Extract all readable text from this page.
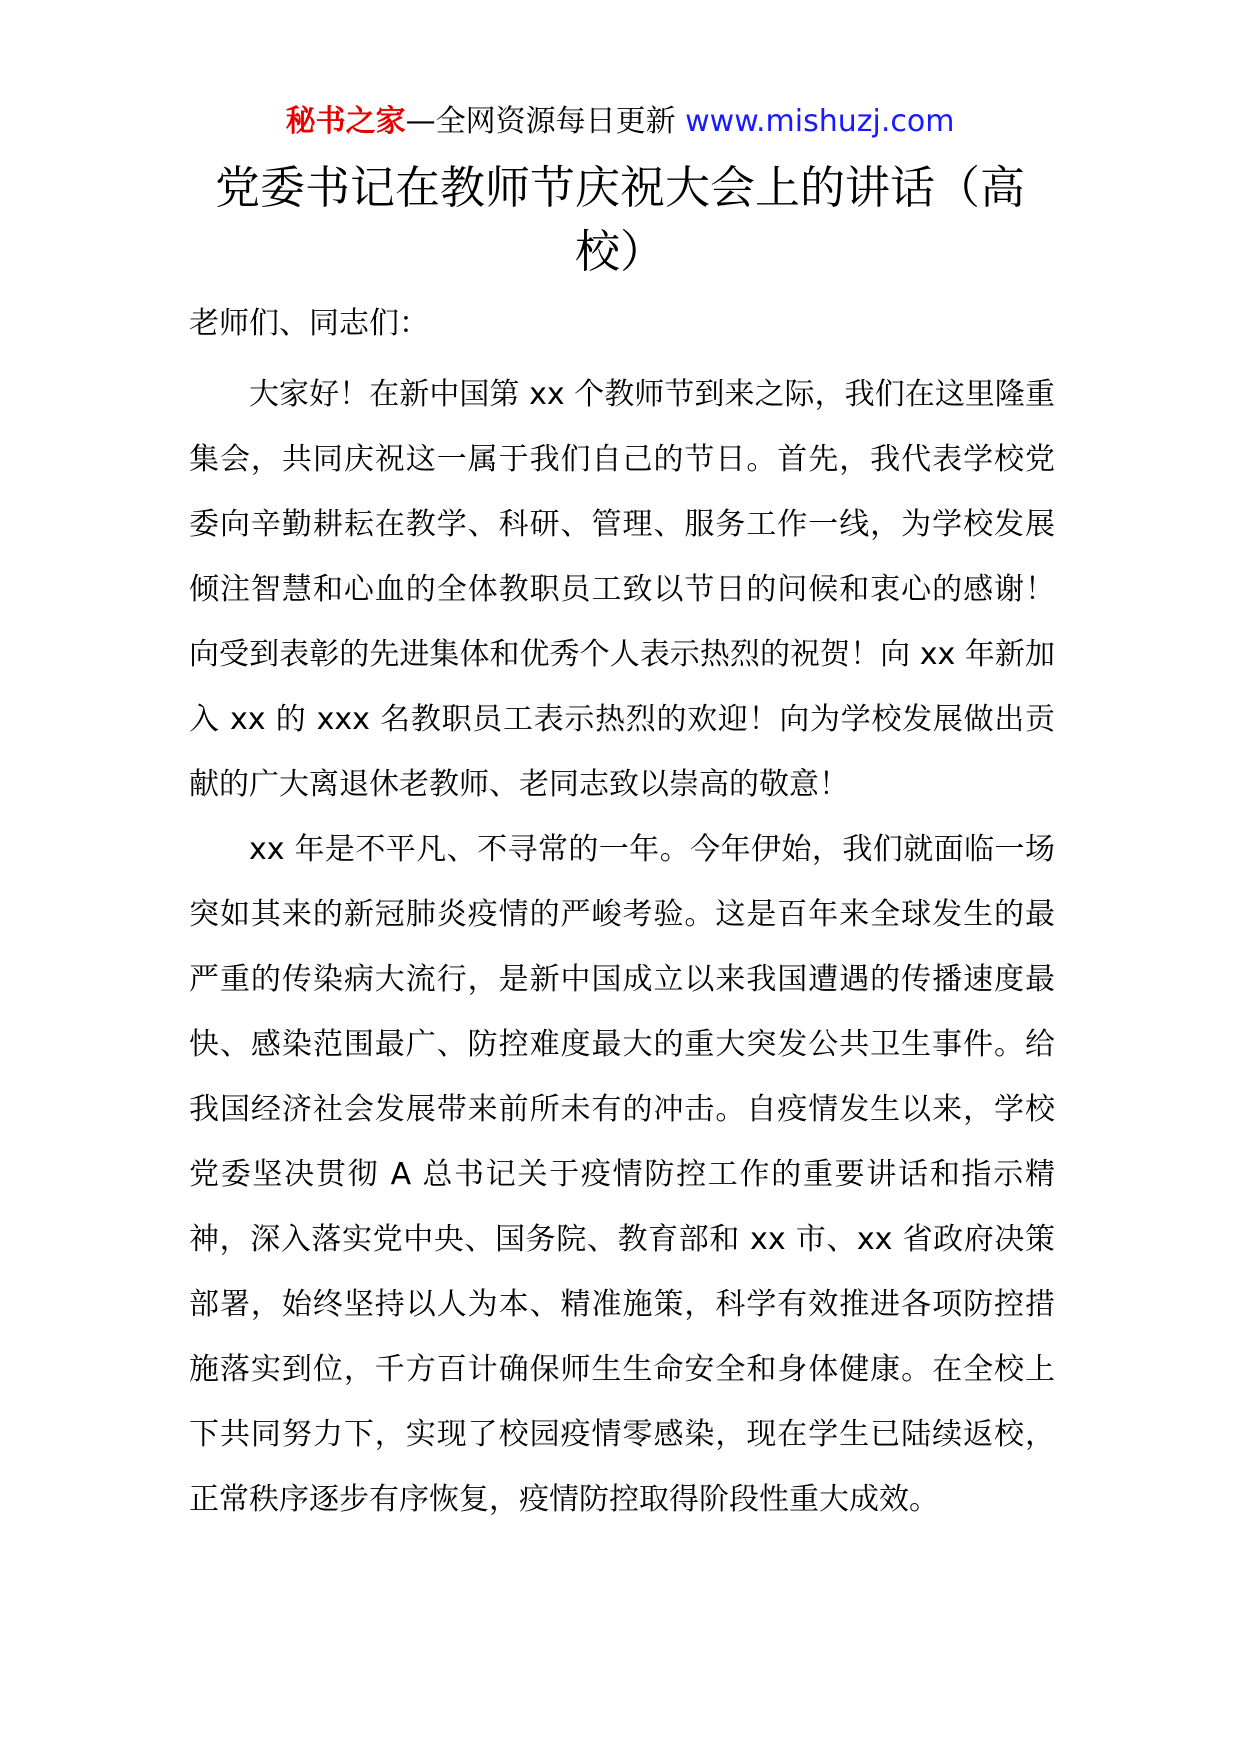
秘书之家—全网资源每日更新 www.mishuzj.com
党委书记在教师节庆祝大会上的讲话（高校）

老师们、同志们：

大家好！在新中国第 xx 个教师节到来之际，我们在这里隆重集会，共同庆祝这一属于我们自己的节日。首先，我代表学校党委向辛勤耕耘在教学、科研、管理、服务工作一线，为学校发展倾注智慧和心血的全体教职员工致以节日的问候和衷心的感谢！向受到表彰的先进集体和优秀个人表示热烈的祝贺！向 xx 年新加入 xx 的 xxx 名教职员工表示热烈的欢迎！向为学校发展做出贡献的广大离退休老教师、老同志致以崇高的敬意！

xx 年是不平凡、不寻常的一年。今年伊始，我们就面临一场突如其来的新冠肺炎疫情的严峻考验。这是百年来全球发生的最严重的传染病大流行，是新中国成立以来我国遭遇的传播速度最快、感染范围最广、防控难度最大的重大突发公共卫生事件。给我国经济社会发展带来前所未有的冲击。自疫情发生以来，学校党委坚决贯彻 A 总书记关于疫情防控工作的重要讲话和指示精神，深入落实党中央、国务院、教育部和 xx 市、xx 省政府决策部署，始终坚持以人为本、精准施策，科学有效推进各项防控措施落实到位，千方百计确保师生生命安全和身体健康。在全校上下共同努力下，实现了校园疫情零感染，现在学生已陆续返校，正常秩序逐步有序恢复，疫情防控取得阶段性重大成效。
